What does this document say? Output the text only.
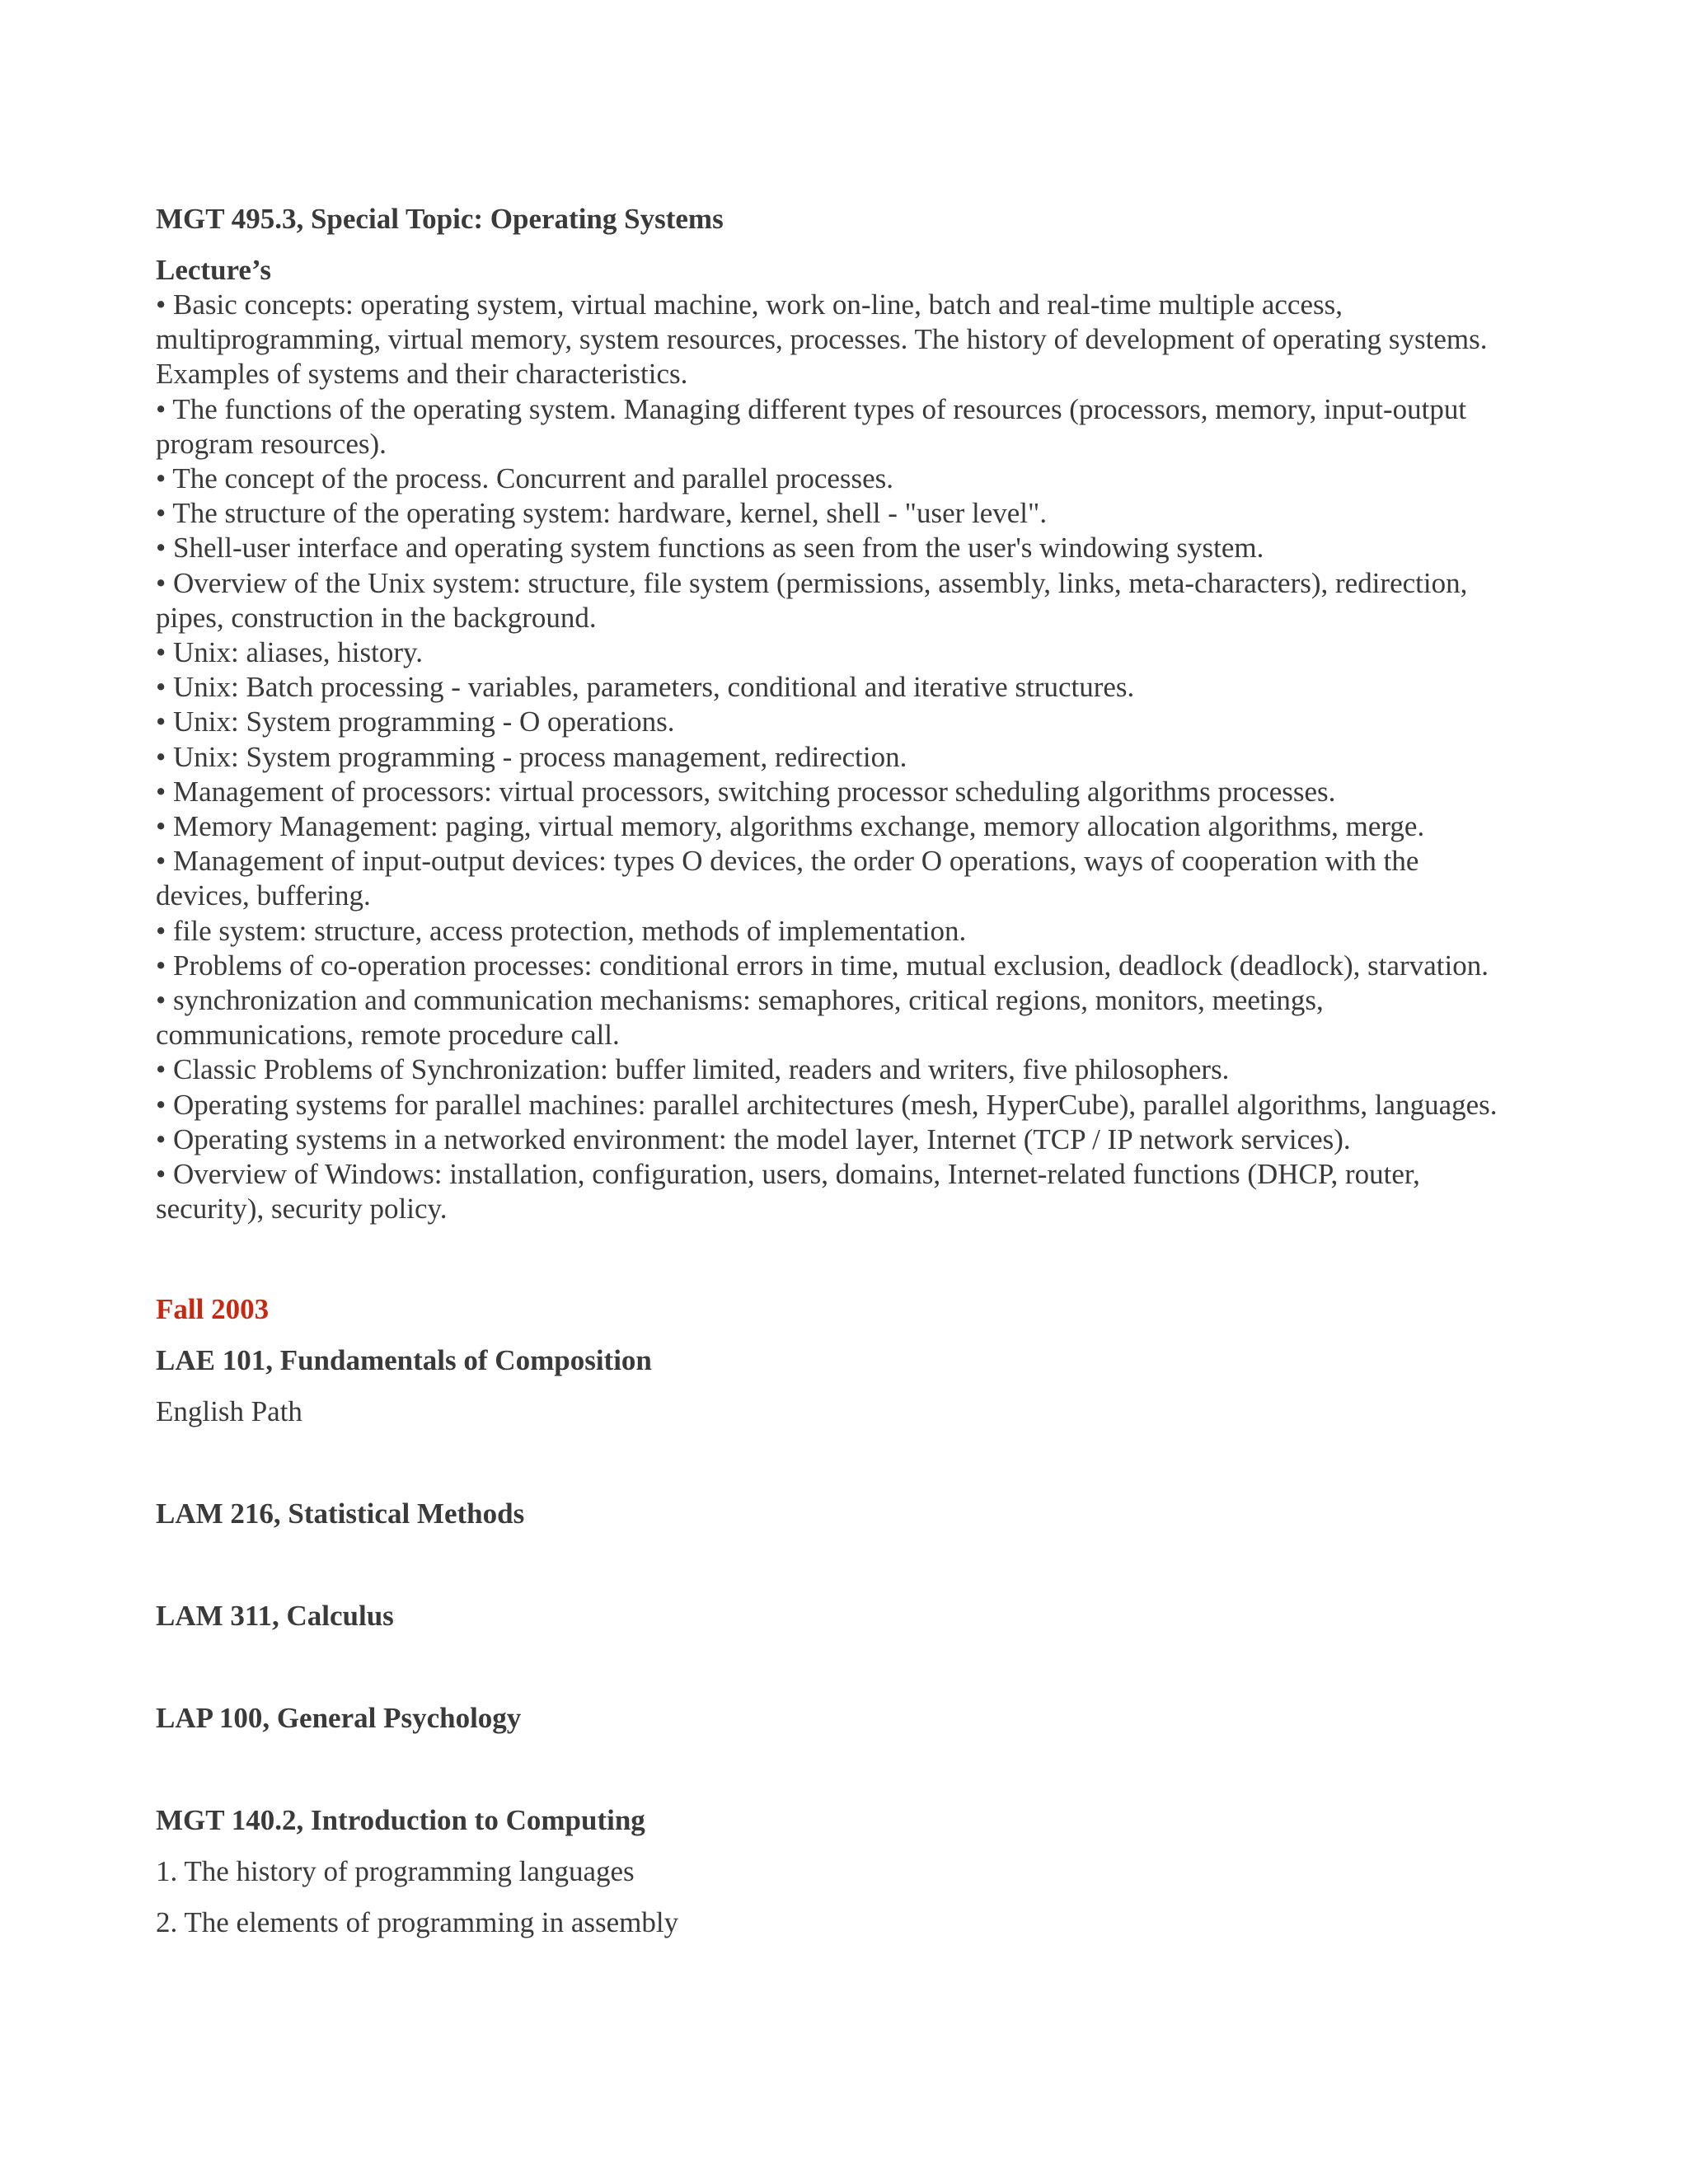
MGT 495.3, Special Topic: Operating Systems
Lecture’s
• Basic concepts: operating system, virtual machine, work on-line, batch and real-time multiple access, multiprogramming, virtual memory, system resources, processes. The history of development of operating systems. Examples of systems and their characteristics.
• The functions of the operating system. Managing different types of resources (processors, memory, input-output program resources).
• The concept of the process. Concurrent and parallel processes.
• The structure of the operating system: hardware, kernel, shell - "user level".
• Shell-user interface and operating system functions as seen from the user's windowing system.
• Overview of the Unix system: structure, file system (permissions, assembly, links, meta-characters), redirection, pipes, construction in the background.
• Unix: aliases, history.
• Unix: Batch processing - variables, parameters, conditional and iterative structures.
• Unix: System programming - O operations.
• Unix: System programming - process management, redirection.
• Management of processors: virtual processors, switching processor scheduling algorithms processes.
• Memory Management: paging, virtual memory, algorithms exchange, memory allocation algorithms, merge.
• Management of input-output devices: types O devices, the order O operations, ways of cooperation with the devices, buffering.
• file system: structure, access protection, methods of implementation.
• Problems of co-operation processes: conditional errors in time, mutual exclusion, deadlock (deadlock), starvation.
• synchronization and communication mechanisms: semaphores, critical regions, monitors, meetings, communications, remote procedure call.
• Classic Problems of Synchronization: buffer limited, readers and writers, five philosophers.
• Operating systems for parallel machines: parallel architectures (mesh, HyperCube), parallel algorithms, languages.
• Operating systems in a networked environment: the model layer, Internet (TCP / IP network services).
• Overview of Windows: installation, configuration, users, domains, Internet-related functions (DHCP, router, security), security policy.
Fall 2003
LAE 101, Fundamentals of Composition

English Path

LAM 216, Statistical Methods
LAM 311, Calculus
LAP 100, General Psychology
MGT 140.2, Introduction to Computing

1. The history of programming languages

2. The elements of programming in assembly
